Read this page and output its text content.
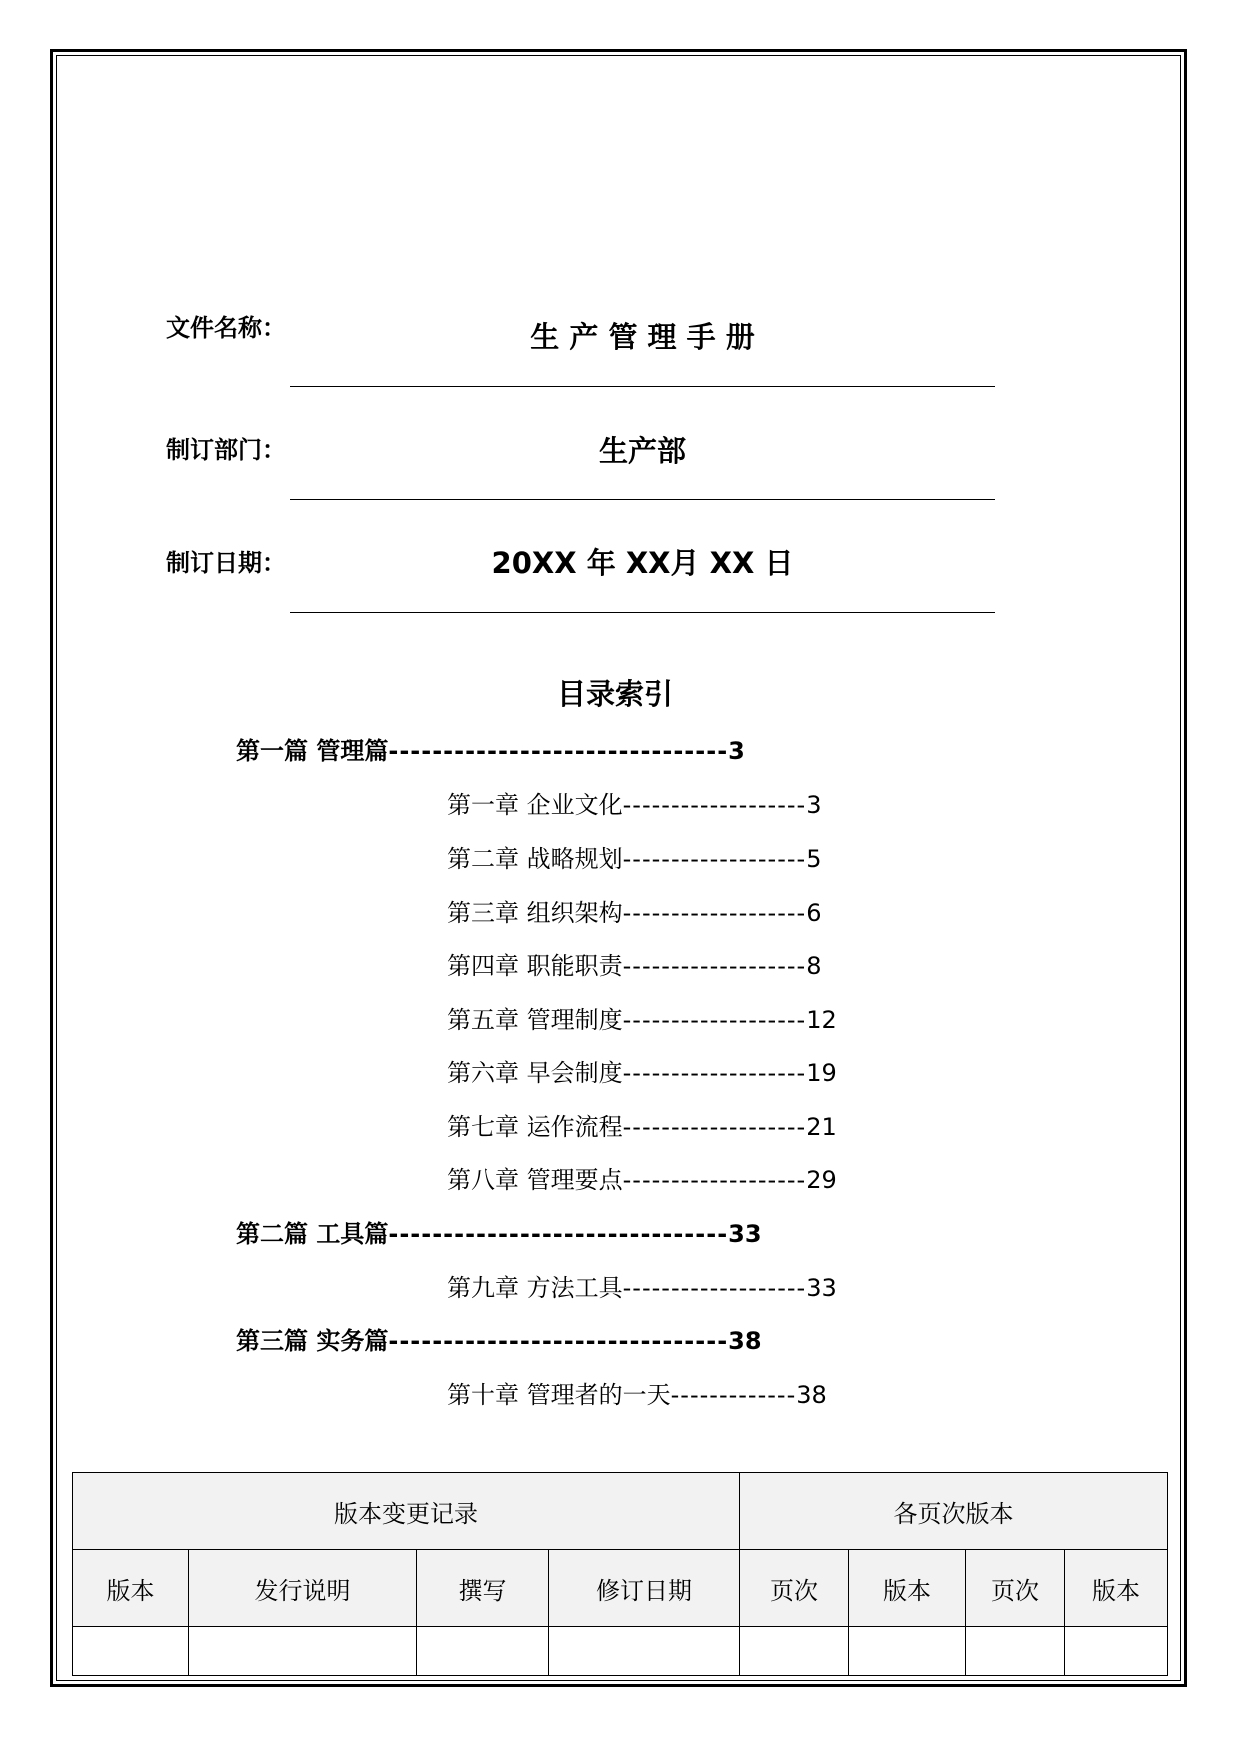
文件名称：	生 产 管 理 手 册
制订部门：	生产部
制订日期：	20XX 年 XX月 XX 日
目录索引
第一篇 管理篇-------------------------------3
第一章 企业文化-------------------3
第二章 战略规划-------------------5
第三章 组织架构-------------------6
第四章 职能职责-------------------8
第五章 管理制度-------------------12
第六章 早会制度-------------------19
第七章 运作流程-------------------21
第八章 管理要点-------------------29
第二篇 工具篇-------------------------------33
第九章 方法工具-------------------33
第三篇 实务篇-------------------------------38
第十章 管理者的一天-------------38
版本变更记录				各页次版本			
版本	发行说明	撰写	修订日期	页次	版本	页次	版本
